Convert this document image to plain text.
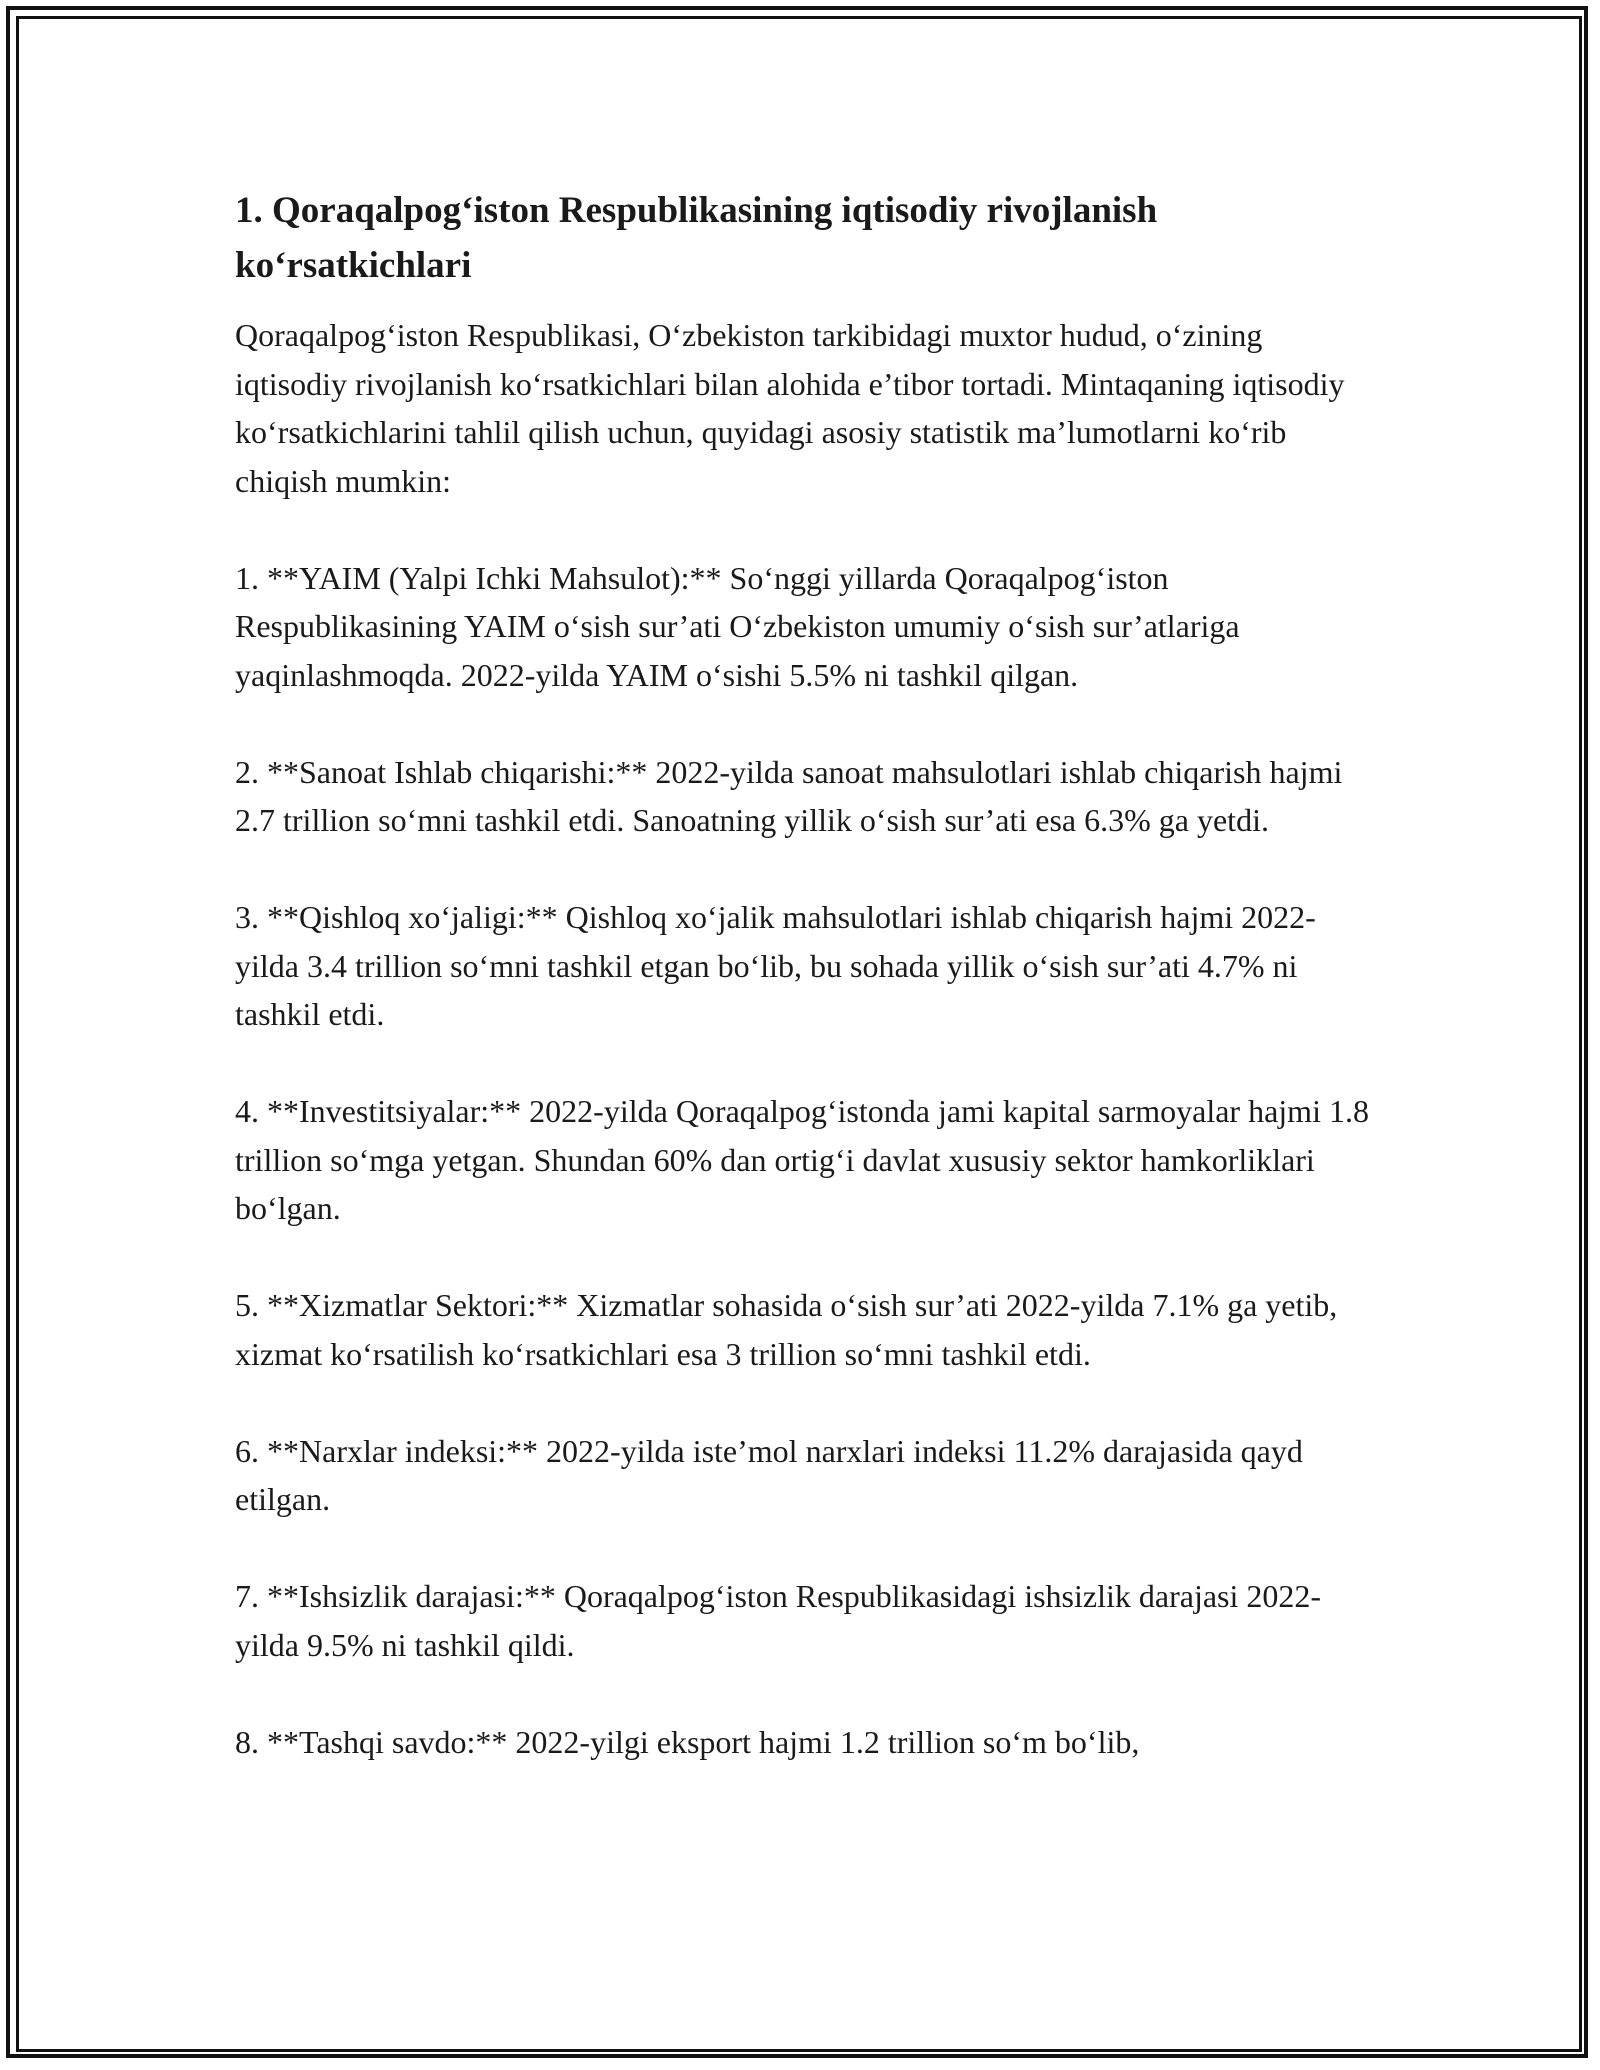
1. Qoraqalpog‘iston Respublikasining iqtisodiy rivojlanish ko‘rsatkichlari

Qoraqalpog‘iston Respublikasi, O‘zbekiston tarkibidagi muxtor hudud, o‘zining iqtisodiy rivojlanish ko‘rsatkichlari bilan alohida e’tibor tortadi. Mintaqaning iqtisodiy ko‘rsatkichlarini tahlil qilish uchun, quyidagi asosiy statistik ma’lumotlarni ko‘rib chiqish mumkin:

1. **YAIM (Yalpi Ichki Mahsulot):** So‘nggi yillarda Qoraqalpog‘iston Respublikasining YAIM o‘sish sur’ati O‘zbekiston umumiy o‘sish sur’atlariga yaqinlashmoqda. 2022-yilda YAIM o‘sishi 5.5% ni tashkil qilgan.

2. **Sanoat Ishlab chiqarishi:** 2022-yilda sanoat mahsulotlari ishlab chiqarish hajmi 2.7 trillion so‘mni tashkil etdi. Sanoatning yillik o‘sish sur’ati esa 6.3% ga yetdi.

3. **Qishloq xo‘jaligi:** Qishloq xo‘jalik mahsulotlari ishlab chiqarish hajmi 2022-yilda 3.4 trillion so‘mni tashkil etgan bo‘lib, bu sohada yillik o‘sish sur’ati 4.7% ni tashkil etdi.

4. **Investitsiyalar:** 2022-yilda Qoraqalpog‘istonda jami kapital sarmoyalar hajmi 1.8 trillion so‘mga yetgan. Shundan 60% dan ortig‘i davlat xususiy sektor hamkorliklari bo‘lgan.

5. **Xizmatlar Sektori:** Xizmatlar sohasida o‘sish sur’ati 2022-yilda 7.1% ga yetib, xizmat ko‘rsatilish ko‘rsatkichlari esa 3 trillion so‘mni tashkil etdi.

6. **Narxlar indeksi:** 2022-yilda iste’mol narxlari indeksi 11.2% darajasida qayd etilgan.

7. **Ishsizlik darajasi:** Qoraqalpog‘iston Respublikasidagi ishsizlik darajasi 2022-yilda 9.5% ni tashkil qildi.

8. **Tashqi savdo:** 2022-yilgi eksport hajmi 1.2 trillion so‘m bo‘lib,
